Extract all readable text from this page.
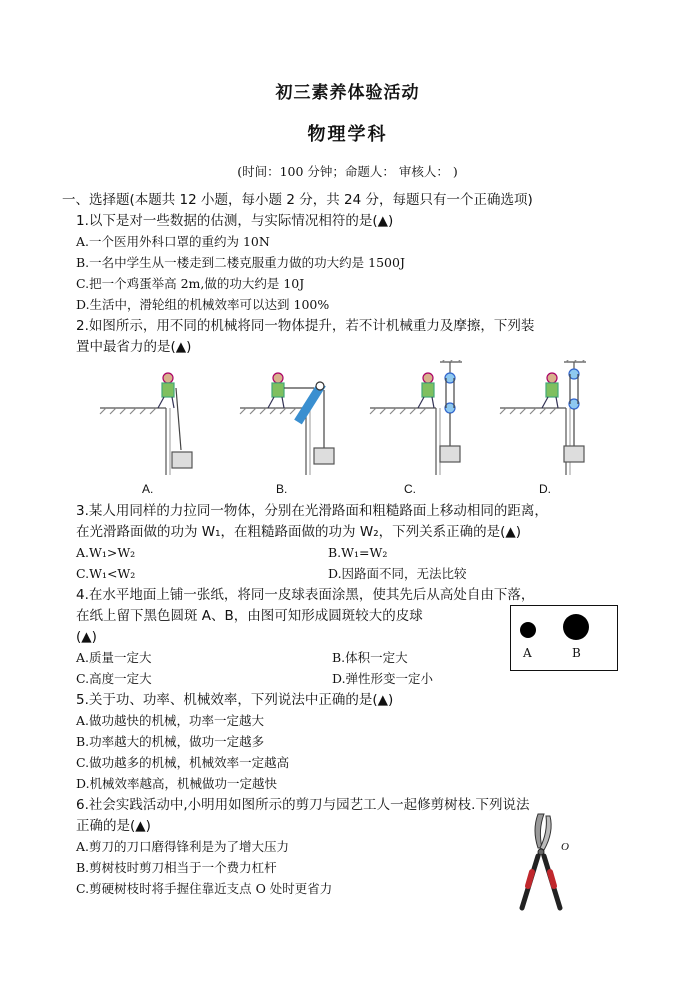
初三素养体验活动
物理学科
(时间：100 分钟；命题人： 审核人： )
一、选择题(本题共 12 小题，每小题 2 分，共 24 分，每题只有一个正确选项)
1.以下是对一些数据的估测，与实际情况相符的是(▲)
A.一个医用外科口罩的重约为 10N
B.一名中学生从一楼走到二楼克服重力做的功大约是 1500J
C.把一个鸡蛋举高 2m,做的功大约是 10J
D.生活中，滑轮组的机械效率可以达到 100%
2.如图所示，用不同的机械将同一物体提升，若不计机械重力及摩擦，下列装
置中最省力的是(▲)
A.	B.	C.	D.
3.某人用同样的力拉同一物体，分别在光滑路面和粗糙路面上移动相同的距离，
在光滑路面做的功为 W₁，在粗糙路面做的功为 W₂，下列关系正确的是(▲)
A.W₁>W₂	B.W₁=W₂
C.W₁<W₂	D.因路面不同，无法比较
4.在水平地面上铺一张纸，将同一皮球表面涂黑，使其先后从高处自由下落，
在纸上留下黑色圆斑 A、B，由图可知形成圆斑较大的皮球
(▲)
A.质量一定大	B.体积一定大
C.高度一定大	D.弹性形变一定小
A	B
5.关于功、功率、机械效率，下列说法中正确的是(▲)
A.做功越快的机械，功率一定越大
B.功率越大的机械，做功一定越多
C.做功越多的机械，机械效率一定越高
D.机械效率越高，机械做功一定越快
6.社会实践活动中,小明用如图所示的剪刀与园艺工人一起修剪树枝.下列说法
正确的是(▲)
A.剪刀的刀口磨得锋利是为了增大压力
B.剪树枝时剪刀相当于一个费力杠杆
C.剪硬树枝时将手握住靠近支点 O 处时更省力
O
